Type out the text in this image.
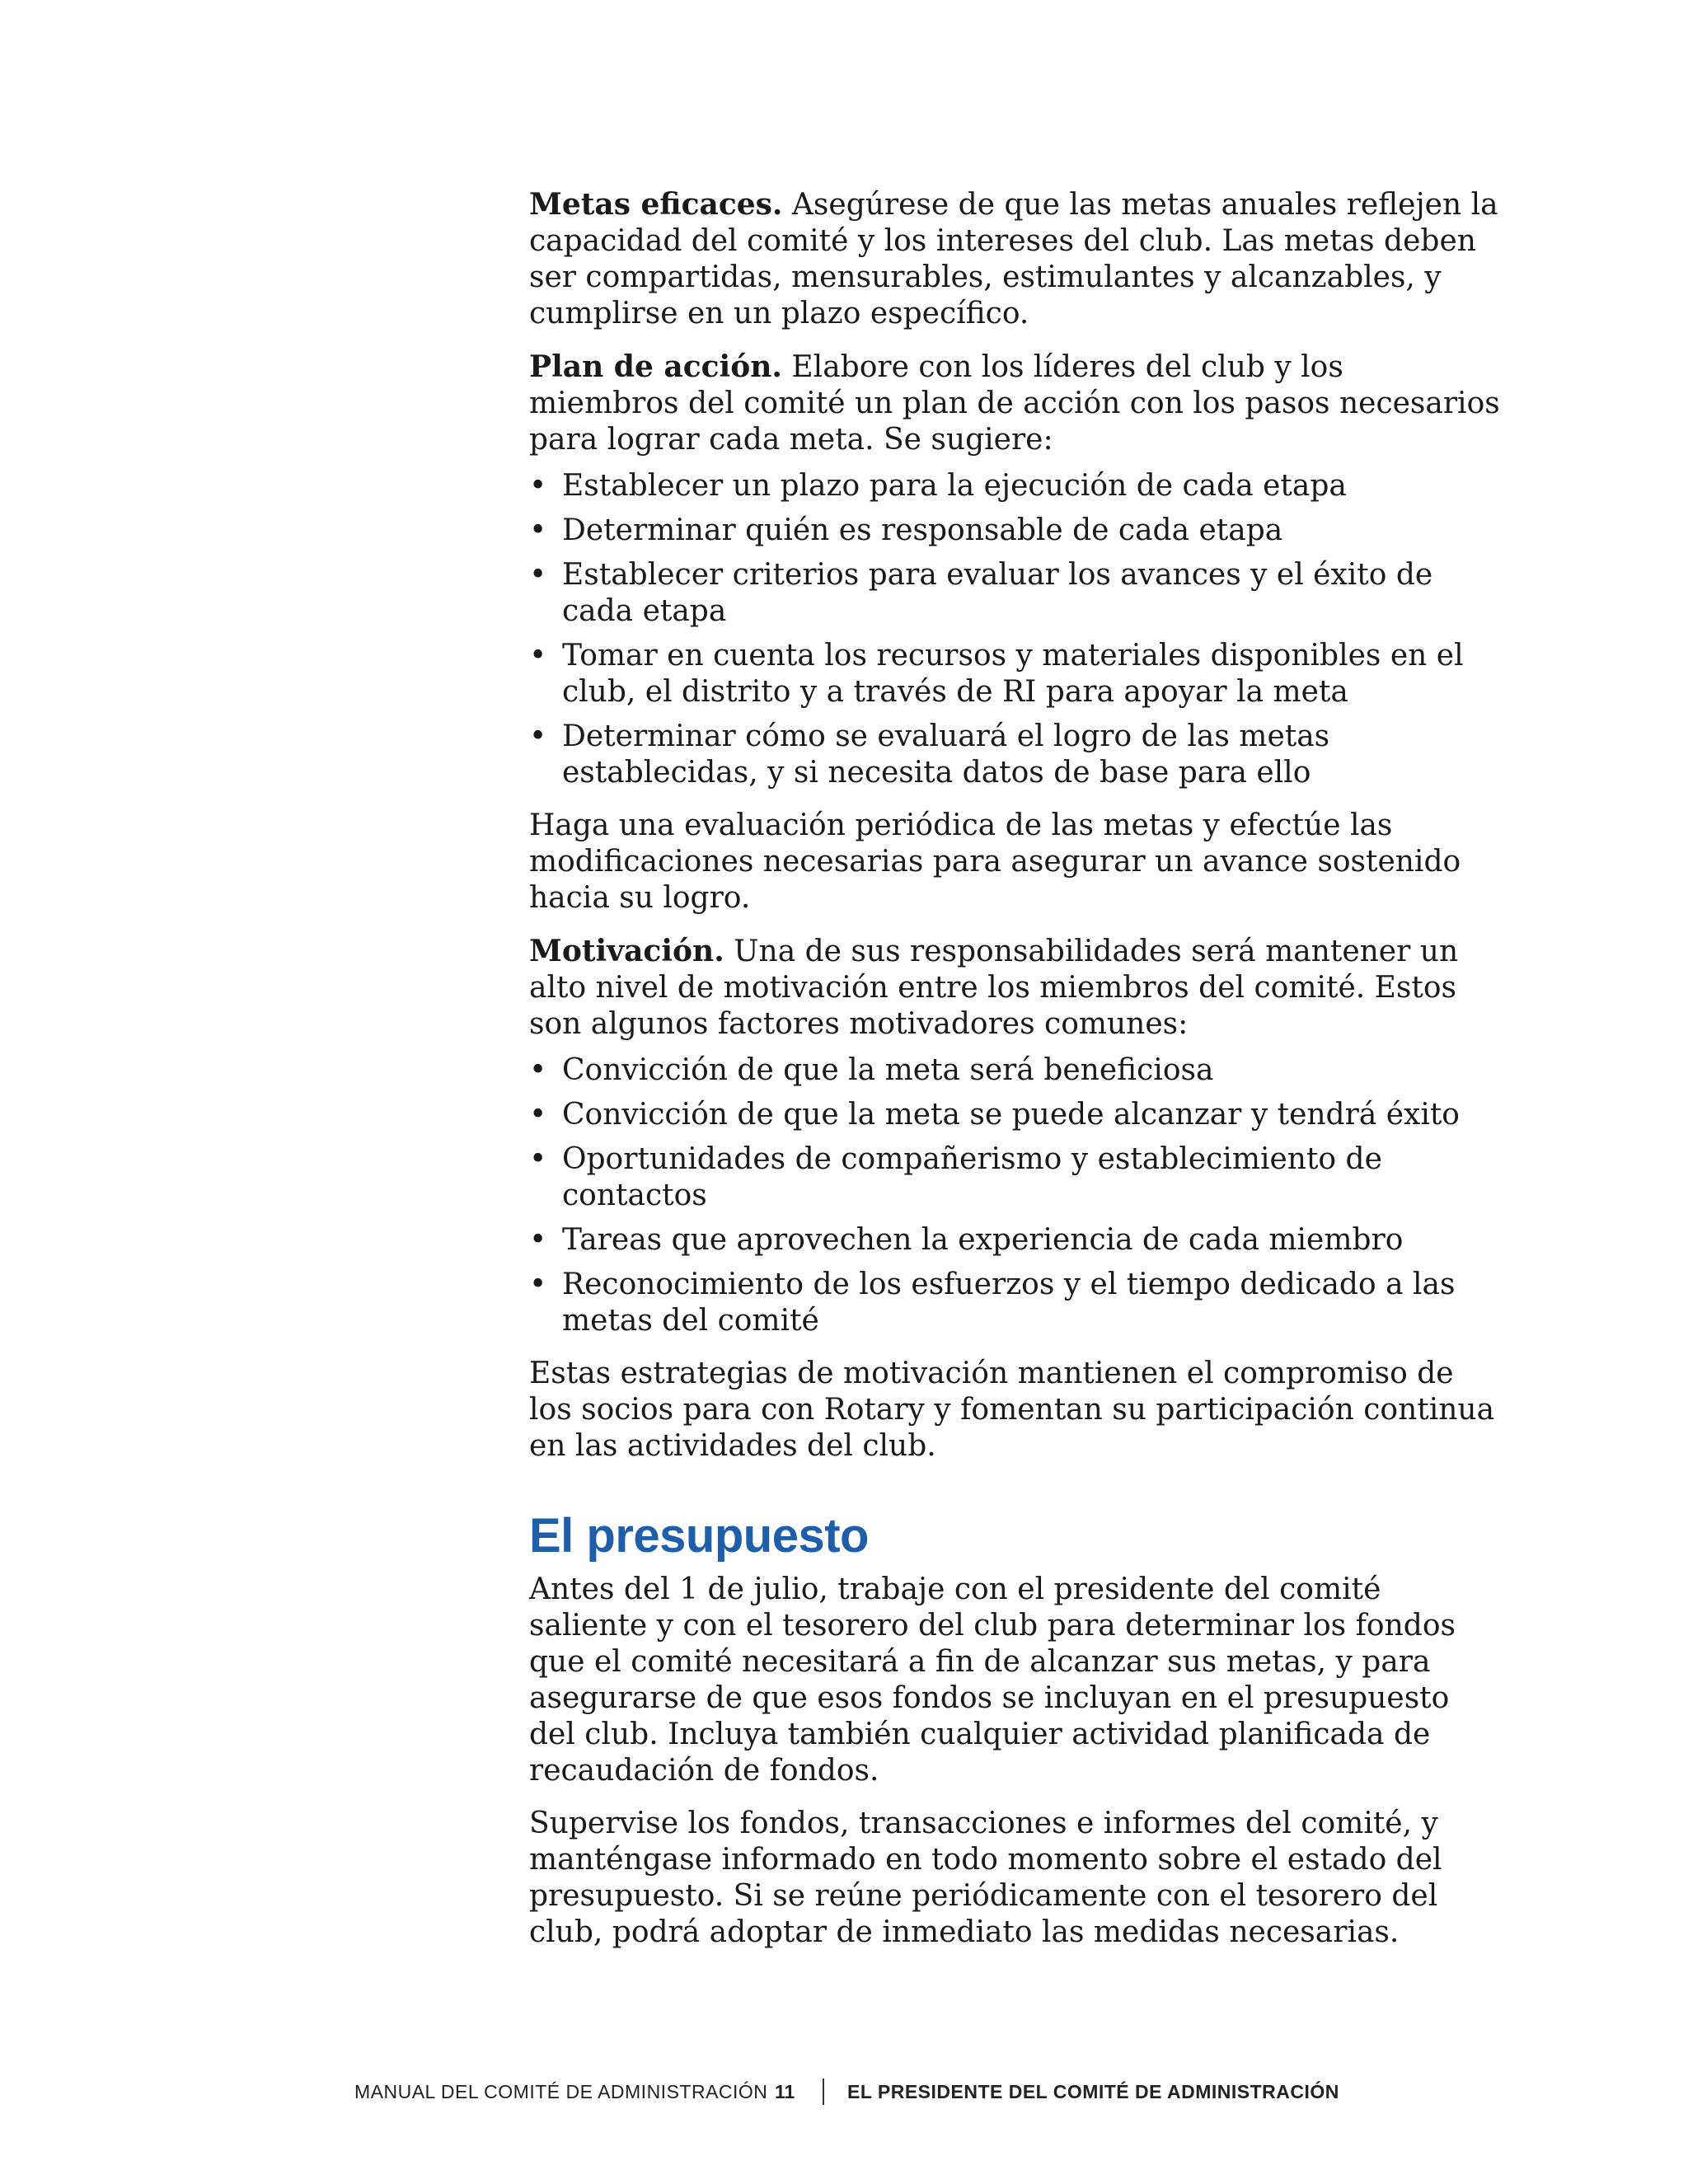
Metas eficaces. Asegúrese de que las metas anuales reflejen la capacidad del comité y los intereses del club. Las metas deben ser compartidas, mensurables, estimulantes y alcanzables, y cumplirse en un plazo específico.

Plan de acción. Elabore con los líderes del club y los miembros del comité un plan de acción con los pasos necesarios para lograr cada meta. Se sugiere:

• Establecer un plazo para la ejecución de cada etapa
• Determinar quién es responsable de cada etapa
• Establecer criterios para evaluar los avances y el éxito de cada etapa
• Tomar en cuenta los recursos y materiales disponibles en el club, el distrito y a través de RI para apoyar la meta
• Determinar cómo se evaluará el logro de las metas establecidas, y si necesita datos de base para ello

Haga una evaluación periódica de las metas y efectúe las modificaciones necesarias para asegurar un avance sostenido hacia su logro.

Motivación. Una de sus responsabilidades será mantener un alto nivel de motivación entre los miembros del comité. Estos son algunos factores motivadores comunes:

• Convicción de que la meta será beneficiosa
• Convicción de que la meta se puede alcanzar y tendrá éxito
• Oportunidades de compañerismo y establecimiento de contactos
• Tareas que aprovechen la experiencia de cada miembro
• Reconocimiento de los esfuerzos y el tiempo dedicado a las metas del comité

Estas estrategias de motivación mantienen el compromiso de los socios para con Rotary y fomentan su participación continua en las actividades del club.

El presupuesto

Antes del 1 de julio, trabaje con el presidente del comité saliente y con el tesorero del club para determinar los fondos que el comité necesitará a fin de alcanzar sus metas, y para asegurarse de que esos fondos se incluyan en el presupuesto del club. Incluya también cualquier actividad planificada de recaudación de fondos.

Supervise los fondos, transacciones e informes del comité, y manténgase informado en todo momento sobre el estado del presupuesto. Si se reúne periódicamente con el tesorero del club, podrá adoptar de inmediato las medidas necesarias.

MANUAL DEL COMITÉ DE ADMINISTRACIÓN 11	EL PRESIDENTE DEL COMITÉ DE ADMINISTRACIÓN
